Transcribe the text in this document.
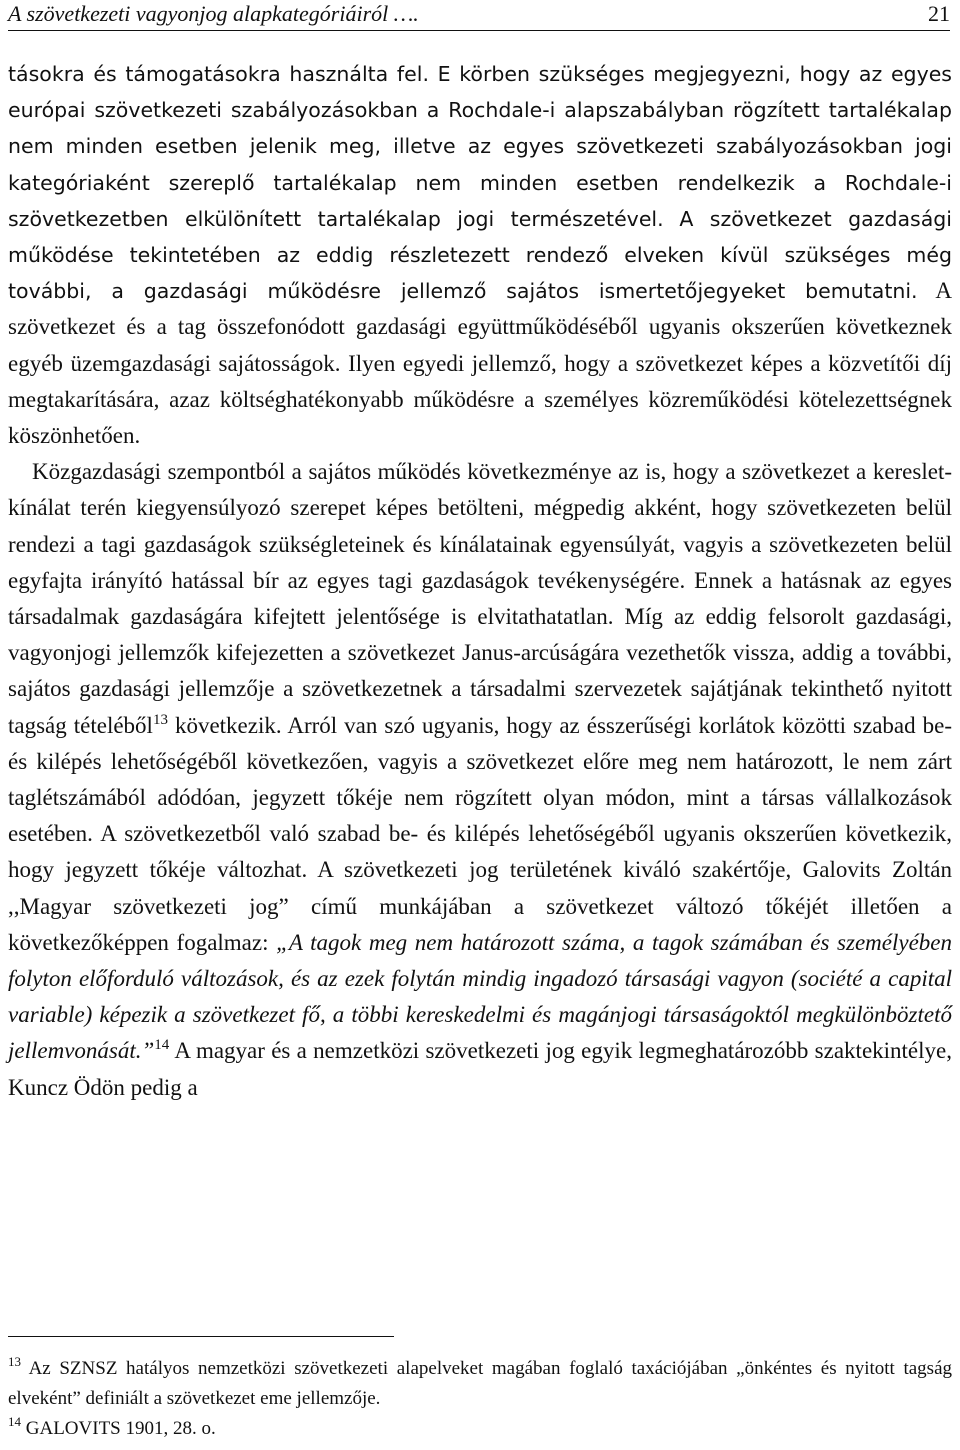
A szövetkezeti vagyonjog alapkategóriáiról ….	21

tásokra és támogatásokra használta fel. E körben szükséges megjegyezni, hogy az egyes európai szövetkezeti szabályozásokban a Rochdale-i alapszabályban rögzített tartalékalap nem minden esetben jelenik meg, illetve az egyes szövetkezeti szabályozásokban jogi kategóriaként szereplő tartalékalap nem minden esetben rendelkezik a Rochdale-i szövetkezetben elkülönített tartalékalap jogi természetével. A szövetkezet gazdasági működése tekintetében az eddig részletezett rendező elveken kívül szükséges még további, a gazdasági működésre jellemző sajátos ismertetőjegyeket bemutatni. A szövetkezet és a tag összefonódott gazdasági együttműködéséből ugyanis okszerűen következnek egyéb üzemgazdasági sajátosságok. Ilyen egyedi jellemző, hogy a szövetkezet képes a közvetítői díj megtakarítására, azaz költséghatékonyabb működésre a személyes közreműködési kötelezettségnek köszönhetően.

Közgazdasági szempontból a sajátos működés következménye az is, hogy a szövetkezet a kereslet-kínálat terén kiegyensúlyozó szerepet képes betölteni, mégpedig akként, hogy szövetkezeten belül rendezi a tagi gazdaságok szükségleteinek és kínálatainak egyensúlyát, vagyis a szövetkezeten belül egyfajta irányító hatással bír az egyes tagi gazdaságok tevékenységére. Ennek a hatásnak az egyes társadalmak gazdaságára kifejtett jelentősége is elvitathatatlan. Míg az eddig felsorolt gazdasági, vagyonjogi jellemzők kifejezetten a szövetkezet Janus-arcúságára vezethetők vissza, addig a további, sajátos gazdasági jellemzője a szövetkezetnek a társadalmi szervezetek sajátjának tekinthető nyitott tagság tételéből$^{13}$ következik. Arról van szó ugyanis, hogy az ésszerűségi korlátok közötti szabad be- és kilépés lehetőségéből következően, vagyis a szövetkezet előre meg nem határozott, le nem zárt taglétszámából adódóan, jegyzett tőkéje nem rögzített olyan módon, mint a társas vállalkozások esetében. A szövetkezetből való szabad be- és kilépés lehetőségéből ugyanis okszerűen következik, hogy jegyzett tőkéje változhat. A szövetkezeti jog területének kiváló szakértője, Galovits Zoltán ,,Magyar szövetkezeti jog” című munkájában a szövetkezet változó tőkéjét illetően a következőképpen fogalmaz: „A tagok meg nem határozott száma, a tagok számában és személyében folyton előforduló változások, és az ezek folytán mindig ingadozó társasági vagyon (société a capital variable) képezik a szövetkezet fő, a többi kereskedelmi és magánjogi társaságoktól megkülönböztető jellemvonását.”$^{14}$ A magyar és a nemzetközi szövetkezeti jog egyik legmeghatározóbb szaktekintélye, Kuncz Ödön pedig a

$^{13}$ Az SZNSZ hatályos nemzetközi szövetkezeti alapelveket magában foglaló taxációjában „önkéntes és nyitott tagság elveként” definiált a szövetkezet eme jellemzője.

$^{14}$ GALOVITS 1901, 28. o.
